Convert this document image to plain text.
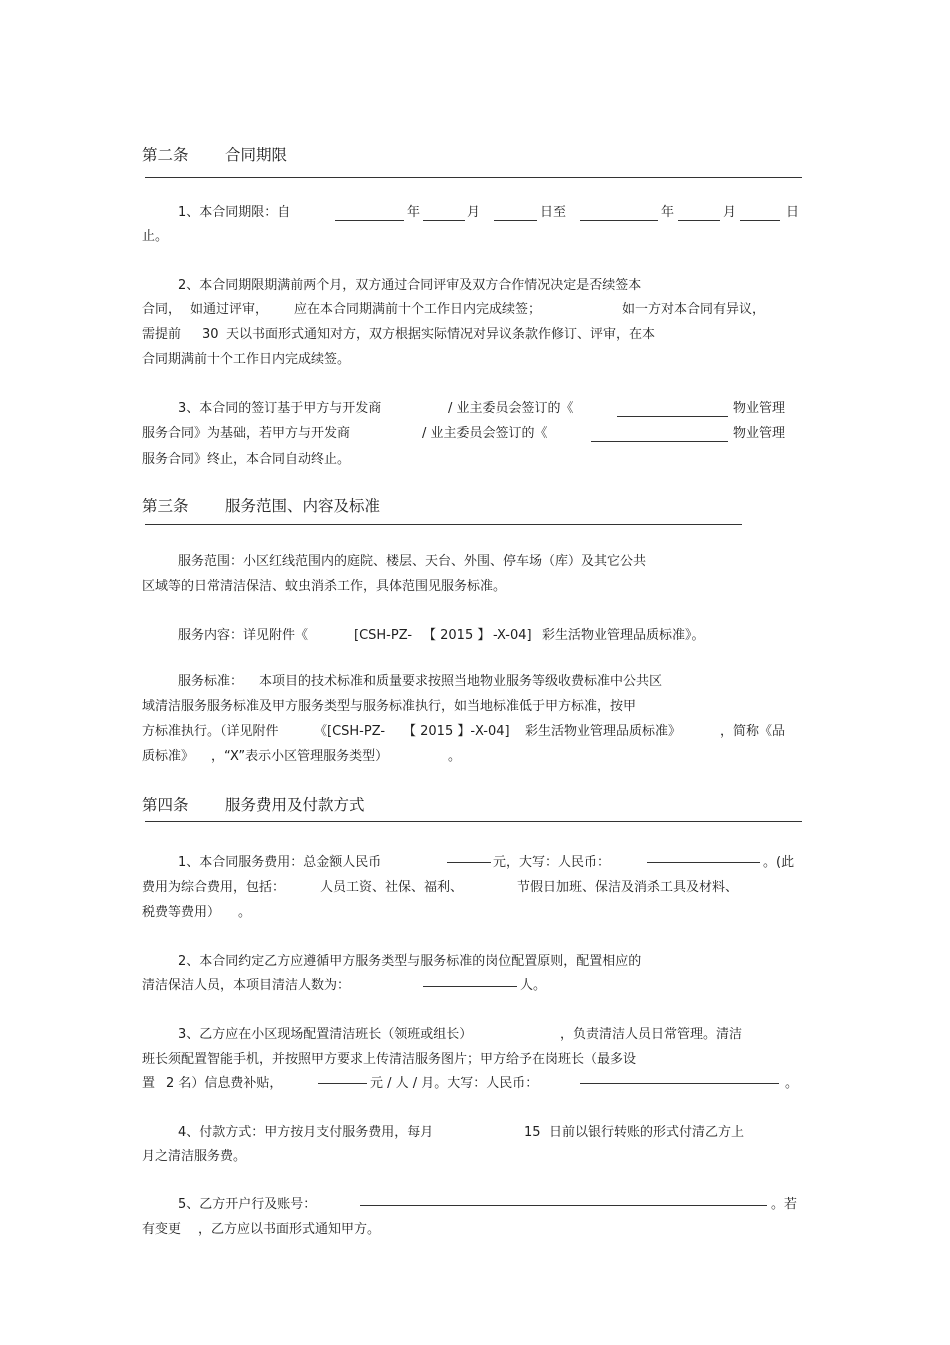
第二条 合同期限
1、本合同期限：自	年	月	日至	年	月	日
止。
2、本合同期限期满前两个月，双方通过合同评审及双方合作情况决定是否续签本
合同， 如通过评审， 应在本合同期满前十个工作日内完成续签；	如一方对本合同有异议，
需提前 30 天以书面形式通知对方，双方根据实际情况对异议条款作修订、评审，在本
合同期满前十个工作日内完成续签。
3、本合同的签订基于甲方与开发商	/ 业主委员会签订的《	物业管理
服务合同》为基础，若甲方与开发商	/ 业主委员会签订的《	物业管理
服务合同》终止，本合同自动终止。
第三条 服务范围、内容及标准
服务范围：小区红线范围内的庭院、楼层、天台、外围、停车场（库）及其它公共
区域等的日常清洁保洁、蚊虫消杀工作，具体范围见服务标准。
服务内容：详见附件《	[CSH-PZ- 【 2015 】 -X-04] 彩生活物业管理品质标准》。
服务标准： 本项目的技术标准和质量要求按照当地物业服务等级收费标准中公共区
域清洁服务服务标准及甲方服务类型与服务标准执行，如当地标准低于甲方标准，按甲
方标准执行。（详见附件	《[CSH-PZ- 【 2015 】-X-04] 彩生活物业管理品质标准》	，简称《品
质标准》 ，“X”表示小区管理服务类型）	。
第四条 服务费用及付款方式
1、本合同服务费用：总金额人民币	元，大写：人民币：	。(此
费用为综合费用，包括：	人员工资、社保、福利、	节假日加班、保洁及消杀工具及材料、
税费等费用） 。
2、本合同约定乙方应遵循甲方服务类型与服务标准的岗位配置原则，配置相应的
清洁保洁人员，本项目清洁人数为：	人。
3、乙方应在小区现场配置清洁班长（领班或组长）	，负责清洁人员日常管理。清洁
班长须配置智能手机，并按照甲方要求上传清洁服务图片；甲方给予在岗班长（最多设
置 2 名）信息费补贴，	元 / 人 / 月。大写：人民币：	。
4、付款方式：甲方按月支付服务费用，每月	15 日前以银行转账的形式付清乙方上
月之清洁服务费。
5、乙方开户行及账号：	。若
有变更 ，乙方应以书面形式通知甲方。
